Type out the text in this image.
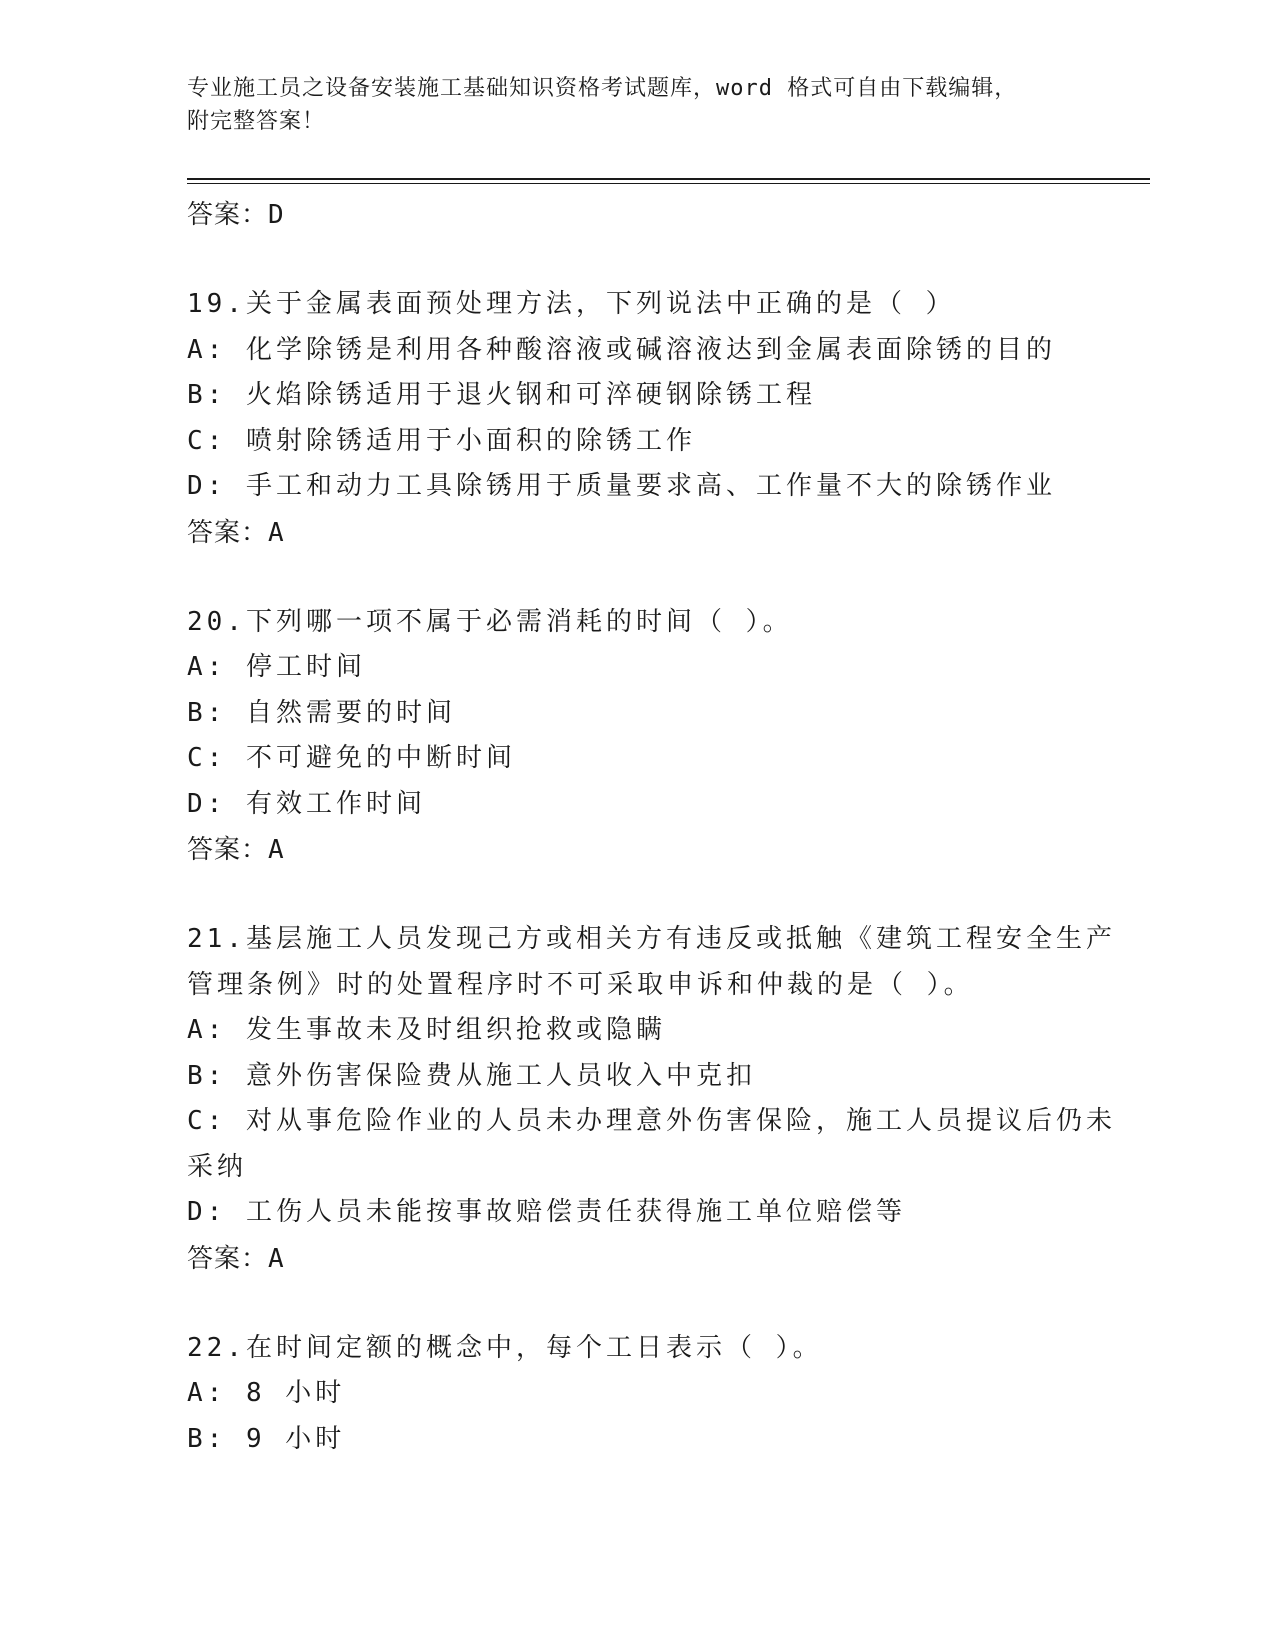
专业施工员之设备安装施工基础知识资格考试题库，word 格式可自由下载编辑，
附完整答案！
答案：D
19.关于金属表面预处理方法，下列说法中正确的是（ ）
A: 化学除锈是利用各种酸溶液或碱溶液达到金属表面除锈的目的
B: 火焰除锈适用于退火钢和可淬硬钢除锈工程
C: 喷射除锈适用于小面积的除锈工作
D: 手工和动力工具除锈用于质量要求高、工作量不大的除锈作业
答案：A
20.下列哪一项不属于必需消耗的时间（ ）。
A: 停工时间
B: 自然需要的时间
C: 不可避免的中断时间
D: 有效工作时间
答案：A
21.基层施工人员发现己方或相关方有违反或抵触《建筑工程安全生产
管理条例》时的处置程序时不可采取申诉和仲裁的是（ ）。
A: 发生事故未及时组织抢救或隐瞒
B: 意外伤害保险费从施工人员收入中克扣
C: 对从事危险作业的人员未办理意外伤害保险，施工人员提议后仍未
采纳
D: 工伤人员未能按事故赔偿责任获得施工单位赔偿等
答案：A
22.在时间定额的概念中，每个工日表示（ ）。
A: 8 小时
B: 9 小时
